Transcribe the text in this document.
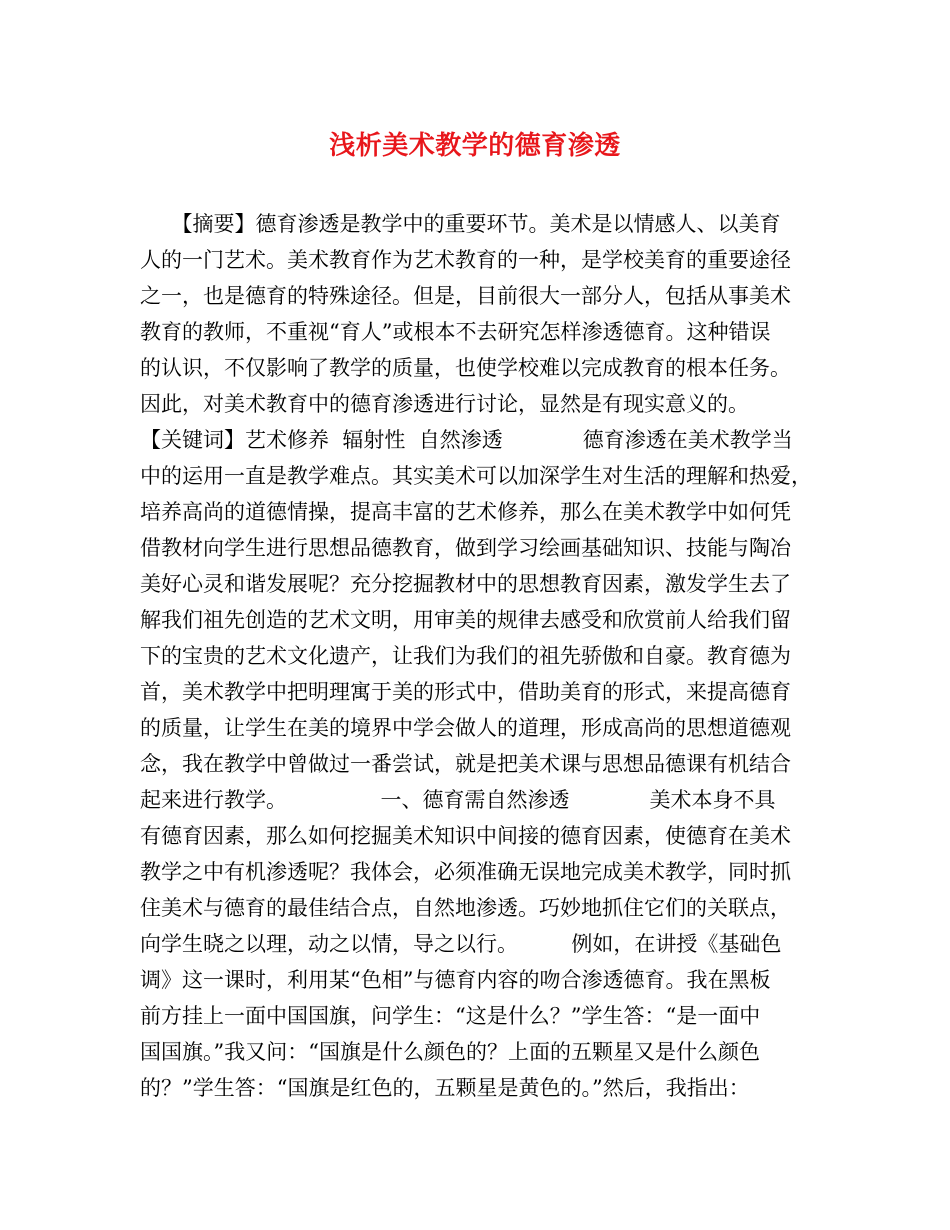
浅析美术教学的德育渗透
　　【摘要】德育渗透是教学中的重要环节。美术是以情感人、以美育
人的一门艺术。美术教育作为艺术教育的一种，是学校美育的重要途径
之一，也是德育的特殊途径。但是，目前很大一部分人，包括从事美术
教育的教师，不重视“育人”或根本不去研究怎样渗透德育。这种错误
的认识，不仅影响了教学的质量，也使学校难以完成教育的根本任务。
因此，对美术教育中的德育渗透进行讨论，显然是有现实意义的。
【关键词】艺术修养  辐射性  自然渗透            德育渗透在美术教学当
中的运用一直是教学难点。其实美术可以加深学生对生活的理解和热爱，
培养高尚的道德情操，提高丰富的艺术修养，那么在美术教学中如何凭
借教材向学生进行思想品德教育，做到学习绘画基础知识、技能与陶冶
美好心灵和谐发展呢？充分挖掘教材中的思想教育因素，激发学生去了
解我们祖先创造的艺术文明，用审美的规律去感受和欣赏前人给我们留
下的宝贵的艺术文化遗产，让我们为我们的祖先骄傲和自豪。教育德为
首，美术教学中把明理寓于美的形式中，借助美育的形式，来提高德育
的质量，让学生在美的境界中学会做人的道理，形成高尚的思想道德观
念，我在教学中曾做过一番尝试，就是把美术课与思想品德课有机结合
起来进行教学。              一、德育需自然渗透            美术本身不具
有德育因素，那么如何挖掘美术知识中间接的德育因素，使德育在美术
教学之中有机渗透呢？我体会，必须准确无误地完成美术教学，同时抓
住美术与德育的最佳结合点，自然地渗透。巧妙地抓住它们的关联点，
向学生晓之以理，动之以情，导之以行。        例如，在讲授《基础色
调》这一课时，利用某“色相”与德育内容的吻合渗透德育。我在黑板
前方挂上一面中国国旗，问学生：“这是什么？”学生答：“是一面中
国国旗。”我又问：“国旗是什么颜色的？上面的五颗星又是什么颜色
的？”学生答：“国旗是红色的，五颗星是黄色的。”然后，我指出：
